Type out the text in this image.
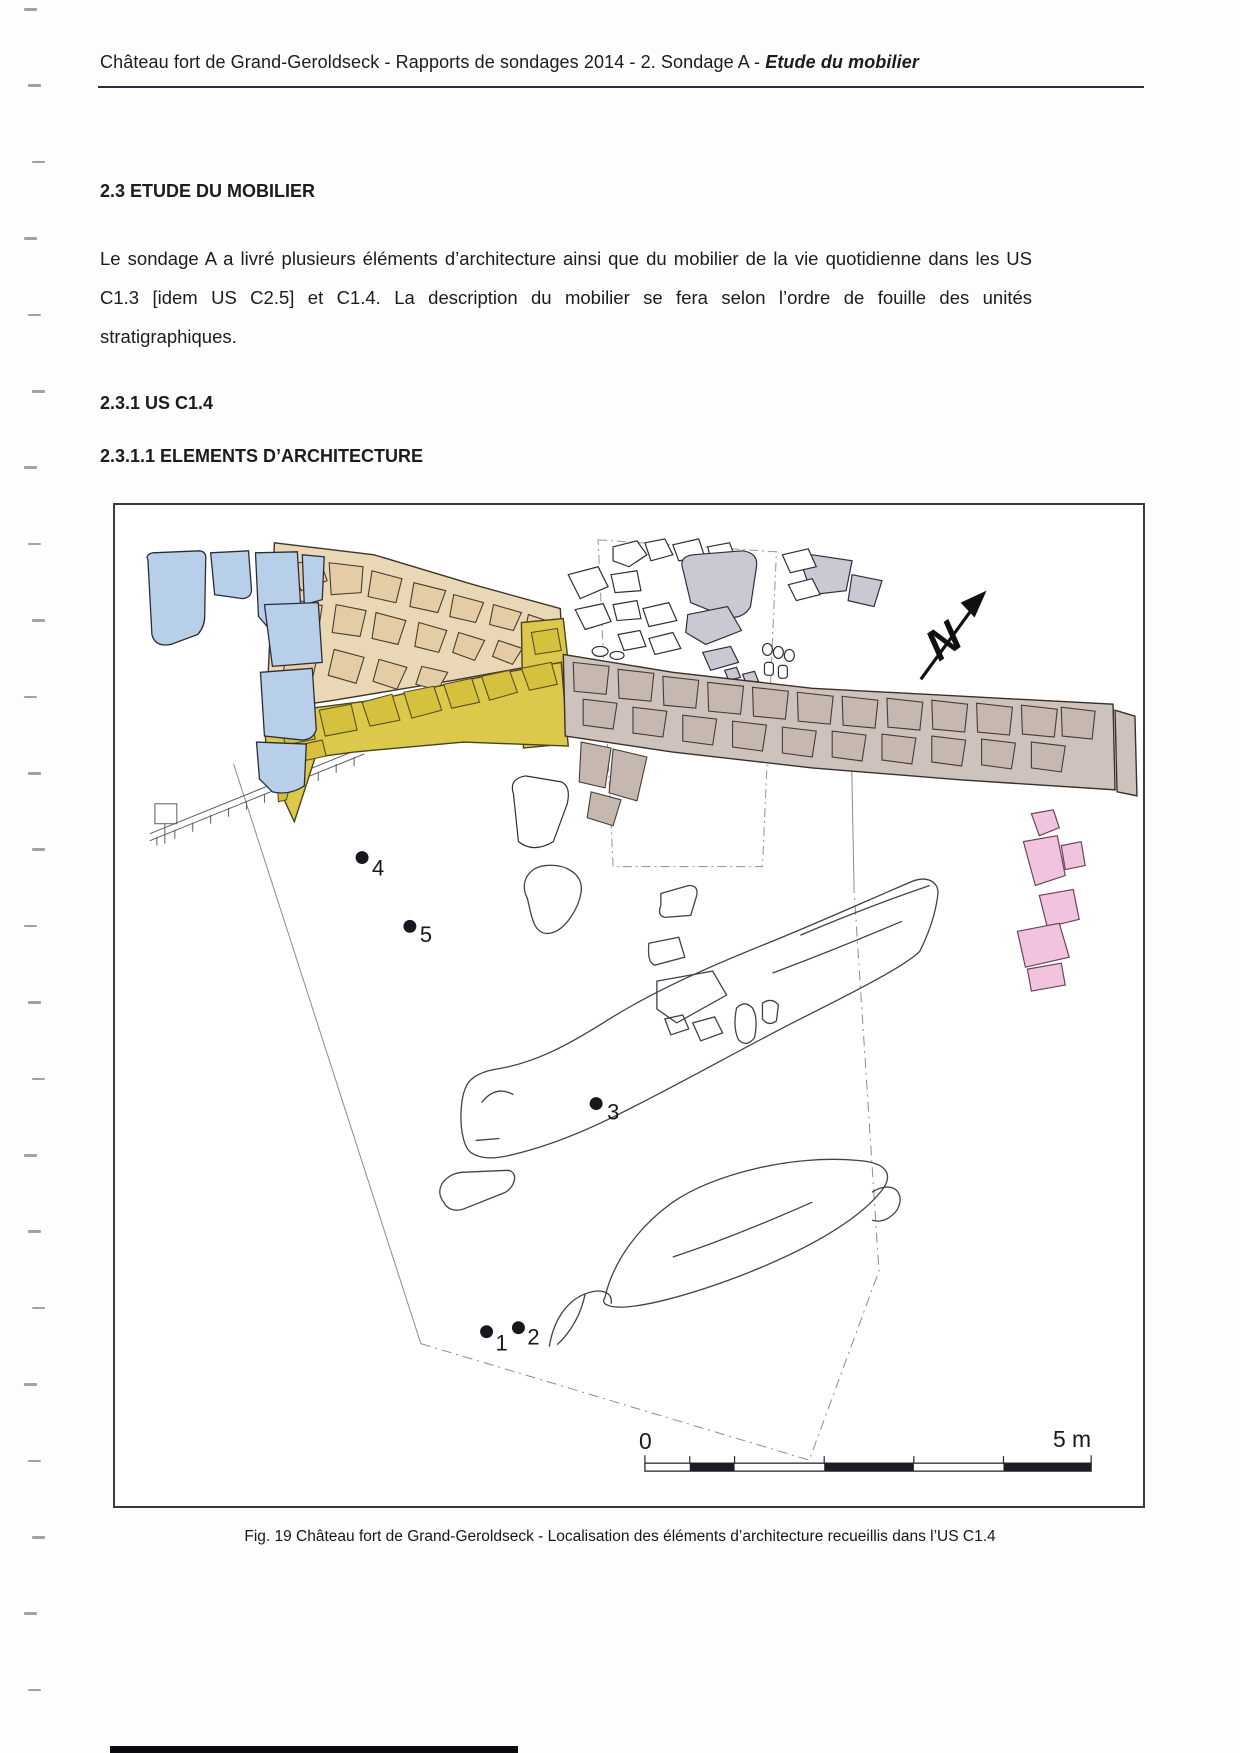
Château fort de Grand-Geroldseck - Rapports de sondages 2014 - 2. Sondage A - Etude du mobilier
2.3 ETUDE DU MOBILIER
Le sondage A a livré plusieurs éléments d’architecture ainsi que du mobilier de la vie quotidienne dans les US C1.3 [idem US C2.5] et C1.4. La description du mobilier se fera selon l’ordre de fouille des unités stratigraphiques.
2.3.1 US C1.4
2.3.1.1 ELEMENTS D’ARCHITECTURE
N
0	5 m
1 2
3
4
5
Fig. 19 Château fort de Grand-Geroldseck - Localisation des éléments d’architecture recueillis dans l’US C1.4
